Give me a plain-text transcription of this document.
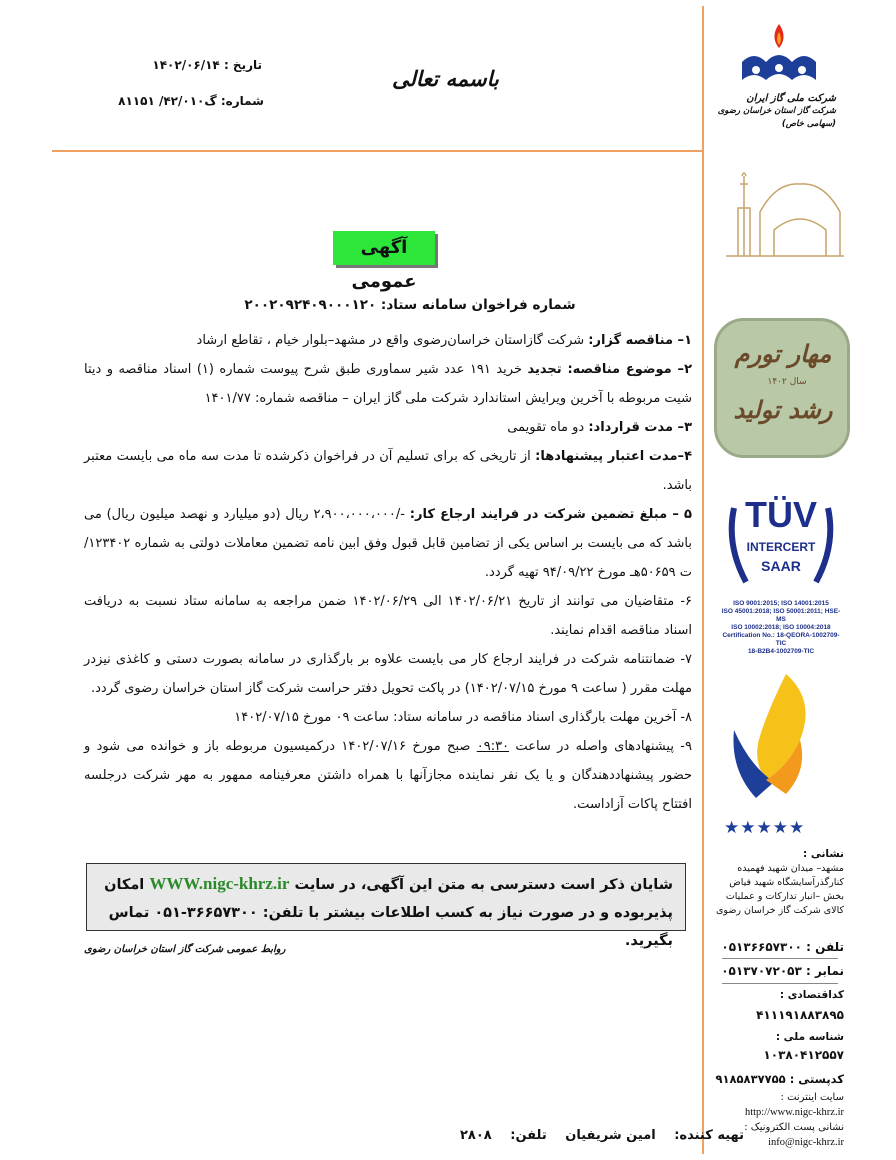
تاریخ : ۱۴۰۲/۰۶/۱۴
شماره: گ۴۲/۰۱۰/ ۸۱۱۵۱
باسمه تعالی
شرکت ملی گاز ایران
شرکت گاز استان خراسان رضوی (سهامی خاص)
مهار تورم
رشد تولید
سال ۱۴۰۲
TÜV
INTERCERT
SAAR
ISO 9001:2015; ISO 14001:2015
ISO 45001:2018; ISO 50001:2011; HSE-MS
ISO 10002:2018; ISO 10004:2018
Certification No.: 18-QEORA-1002709-TIC
18-B2B4-1002709-TIC
★★★★★
نشانی :
مشهد– میدان شهید فهمیده کنارگذرآسایشگاه شهید فیاض بخش –انبار تدارکات و عملیات کالای شرکت گاز خراسان رضوی
تلفن : ۰۵۱۳۶۶۵۷۳۰۰
نمابر : ۰۵۱۳۷۰۷۲۰۵۳
کداقتصادی :
۴۱۱۱۹۱۸۸۳۸۹۵
شناسه ملی :
۱۰۳۸۰۴۱۲۵۵۷
کدپستی : ۹۱۸۵۸۳۷۷۵۵
سایت اینترنت :
http://www.nigc-khrz.ir
نشانی پست الکترونیک :
info@nigc-khrz.ir
آگهی عمومی
شماره فراخوان سامانه ستاد: ۲۰۰۲۰۹۲۴۰۹۰۰۰۱۲۰

۱– مناقصه گزار: شرکت گازاستان خراسان‌رضوی واقع در مشهد–بلوار خیام ، تقاطع ارشاد

۲– موضوع مناقصه: تجدید خرید ۱۹۱ عدد شیر سماوری طبق شرح پیوست شماره (۱) اسناد مناقصه و دیتا شیت مربوطه با آخرین ویرایش استاندارد شرکت ملی گاز ایران – مناقصه شماره: ۱۴۰۱/۷۷

۳– مدت قرارداد: دو ماه تقویمی

۴–مدت اعتبار پیشنهادها: از تاریخی که برای تسلیم آن در فراخوان ذکرشده تا مدت سه ماه می بایست معتبر باشد.

۵ – مبلغ تضمین شرکت در فرایند ارجاع کار: -/۲،۹۰۰،۰۰۰،۰۰۰ ریال (دو میلیارد و نهصد میلیون ریال) می باشد که می بایست بر اساس یکی از تضامین قابل قبول وفق ابین نامه تضمین معاملات دولتی به شماره ۱۲۳۴۰۲/ت ۵۰۶۵۹هـ مورخ ۹۴/۰۹/۲۲ تهیه گردد.

۶- متقاضیان می توانند از تاریخ ۱۴۰۲/۰۶/۲۱ الی ۱۴۰۲/۰۶/۲۹ ضمن مراجعه به سامانه ستاد نسبت به دریافت اسناد مناقصه اقدام نمایند.

۷- ضمانتنامه شرکت در فرایند ارجاع کار می بایست علاوه بر بارگذاری در سامانه بصورت دستی و کاغذی نیزدر مهلت مقرر ( ساعت ۹ مورخ ۱۴۰۲/۰۷/۱۵) در پاکت تحویل دفتر حراست شرکت گاز استان خراسان رضوی گردد.

۸- آخرین مهلت بارگذاری اسناد مناقصه در سامانه ستاد: ساعت ۰۹ مورخ ۱۴۰۲/۰۷/۱۵

۹- پیشنهادهای واصله در ساعت ۰۹:۳۰ صبح مورخ ۱۴۰۲/۰۷/۱۶ درکمیسیون مربوطه باز و خوانده می شود و حضور پیشنهاددهندگان و یا یک نفر نماینده مجازآنها با همراه داشتن معرفینامه ممهور به مهر شرکت درجلسه افتتاح پاکات آزاداست.

شایان ذکر است دسترسی به متن این آگهی، در سایت WWW.nigc-khrz.ir امکان
پذیربوده و در صورت نیاز به کسب اطلاعات بیشتر با تلفن: ۳۶۶۵۷۳۰۰-۰۵۱ تماس بگیرید.
روابط عمومی شرکت گاز استان خراسان رضوی
تهیه کننده: امین شریفیان تلفن: ۲۸۰۸
